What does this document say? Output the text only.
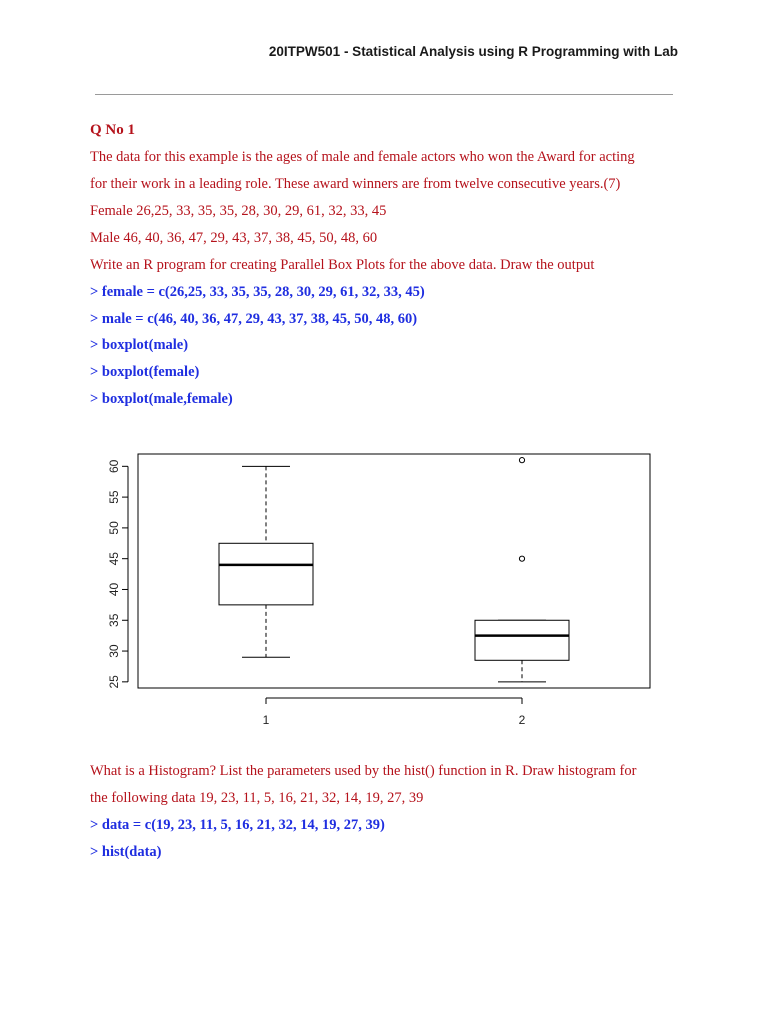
20ITPW501 - Statistical Analysis using R Programming with Lab
Q No 1
The data for this example is the ages of male and female actors who won the Award for acting
for their work in a leading role. These award winners are from twelve consecutive years.(7)
Female 26,25, 33, 35, 35, 28, 30, 29, 61, 32, 33, 45
Male 46, 40, 36, 47, 29, 43, 37, 38, 45, 50, 48, 60
Write an R program for creating Parallel Box Plots for the above data. Draw the output
> female = c(26,25, 33, 35, 35, 28, 30, 29, 61, 32, 33, 45)
> male = c(46, 40, 36, 47, 29, 43, 37, 38, 45, 50, 48, 60)
> boxplot(male)
> boxplot(female)
> boxplot(male,female)
25
30
35
40
45
50
55
60
1	2
What is a Histogram? List the parameters used by the hist() function in R. Draw histogram for
the following data 19, 23, 11, 5, 16, 21, 32, 14, 19, 27, 39
> data = c(19, 23, 11, 5, 16, 21, 32, 14, 19, 27, 39)
> hist(data)
